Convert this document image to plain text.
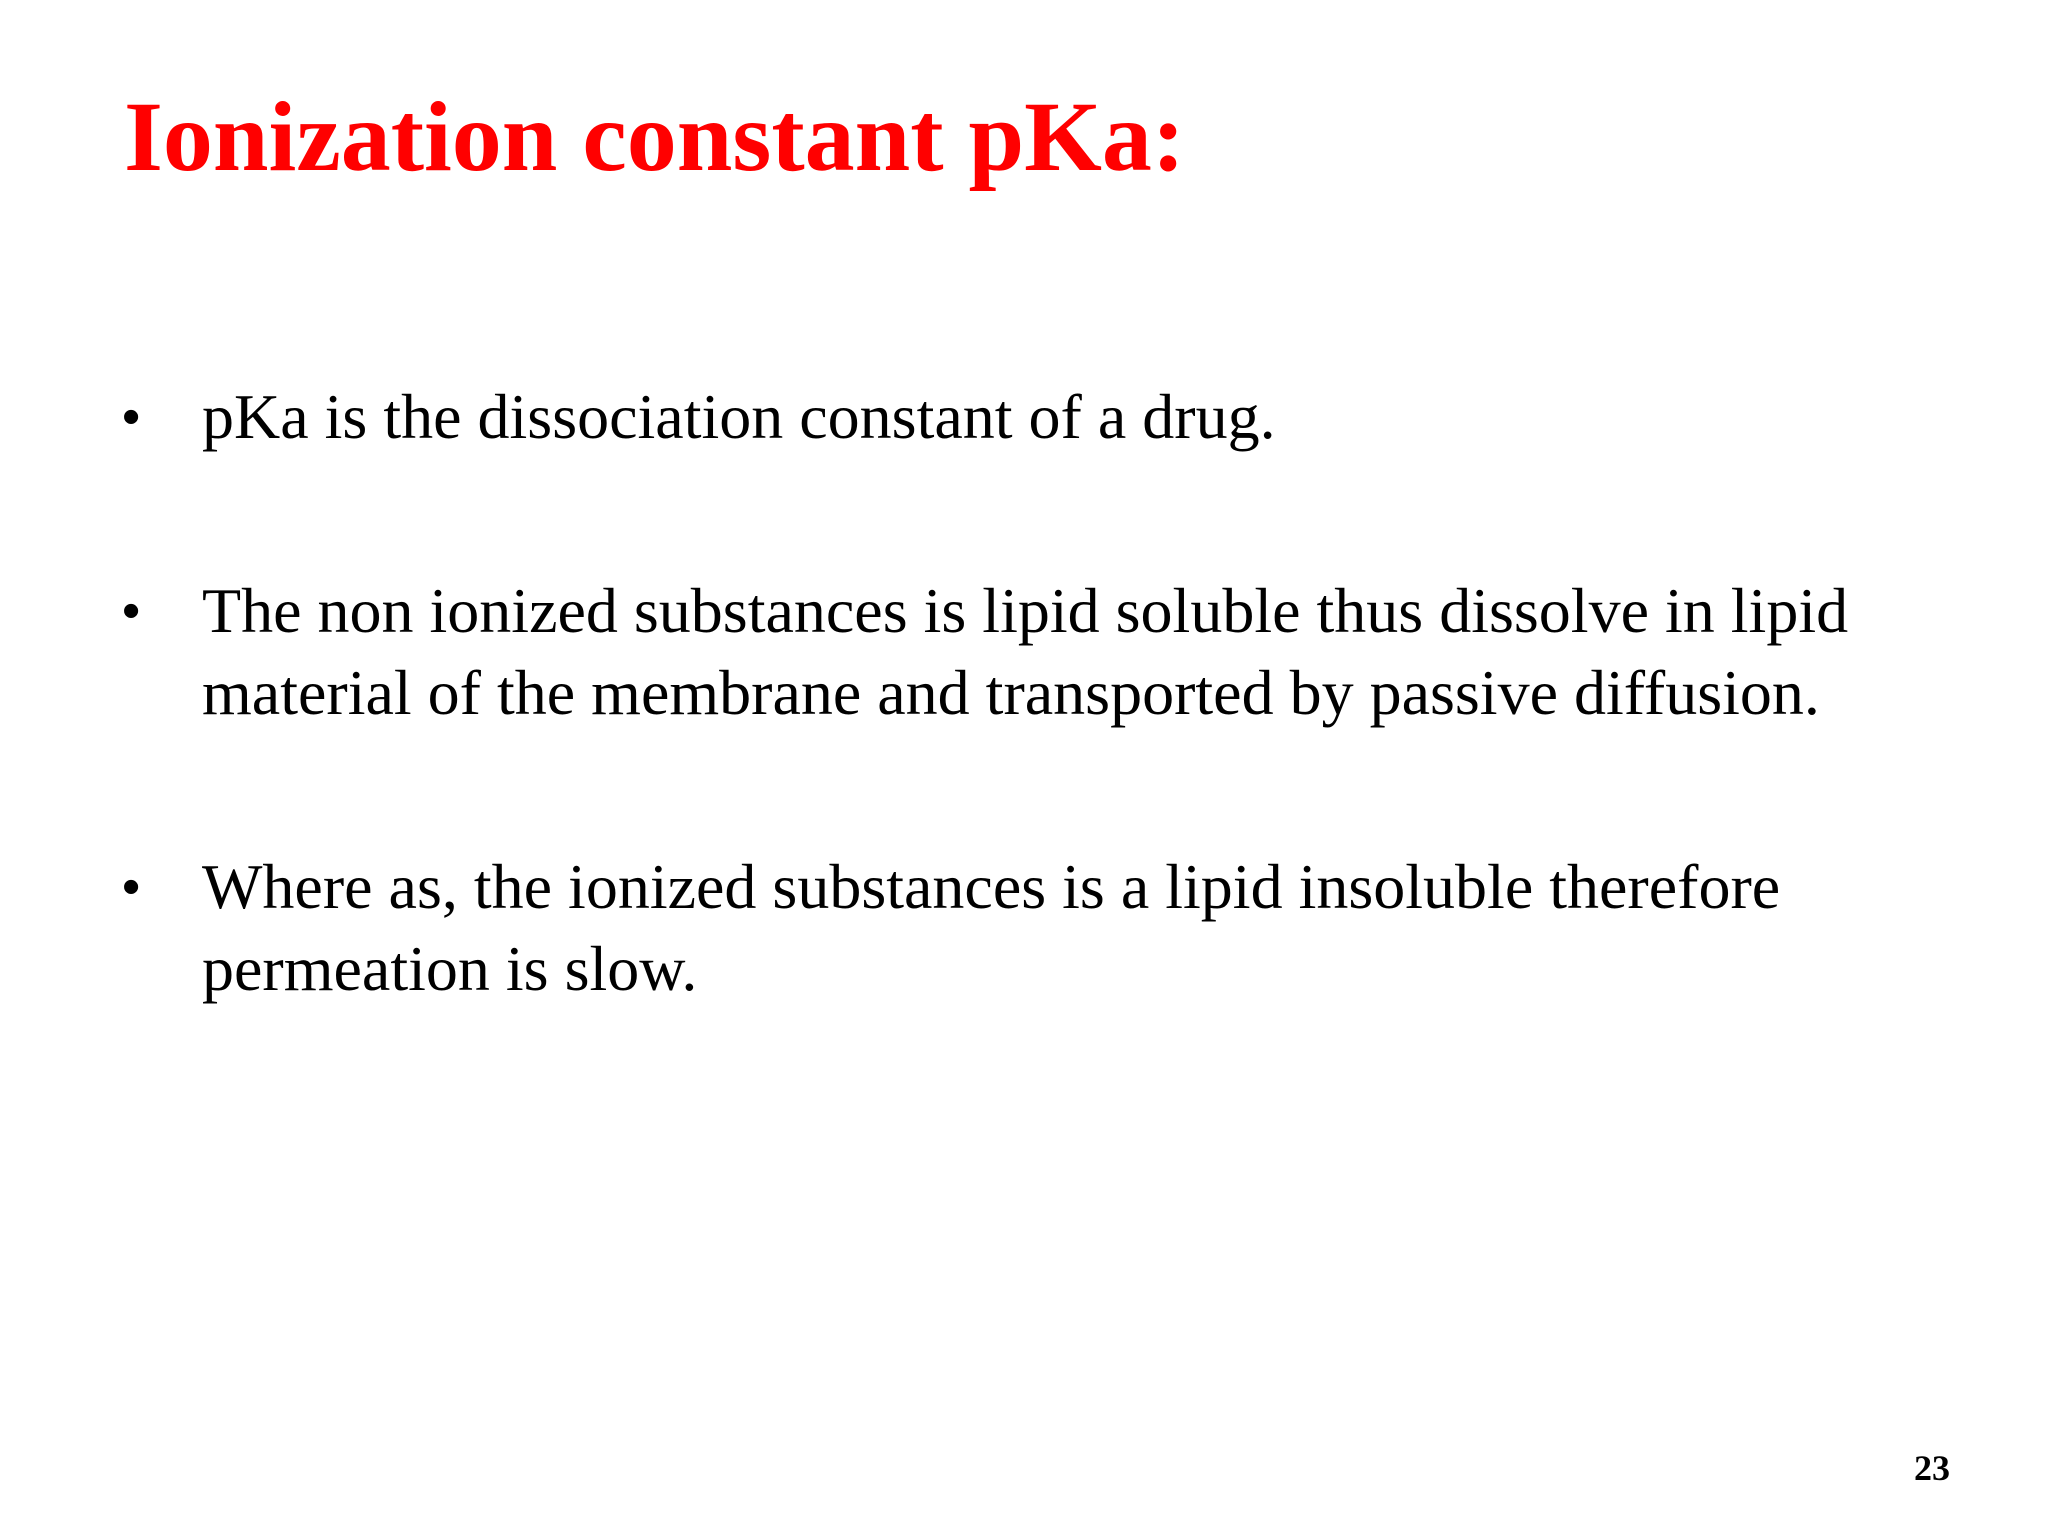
Ionization constant pKa:
• pKa is the dissociation constant of a drug.
• The non ionized substances is lipid soluble thus dissolve in lipid material of the membrane and transported by passive diffusion.
• Where as, the ionized substances is a lipid insoluble therefore permeation is slow.
23
